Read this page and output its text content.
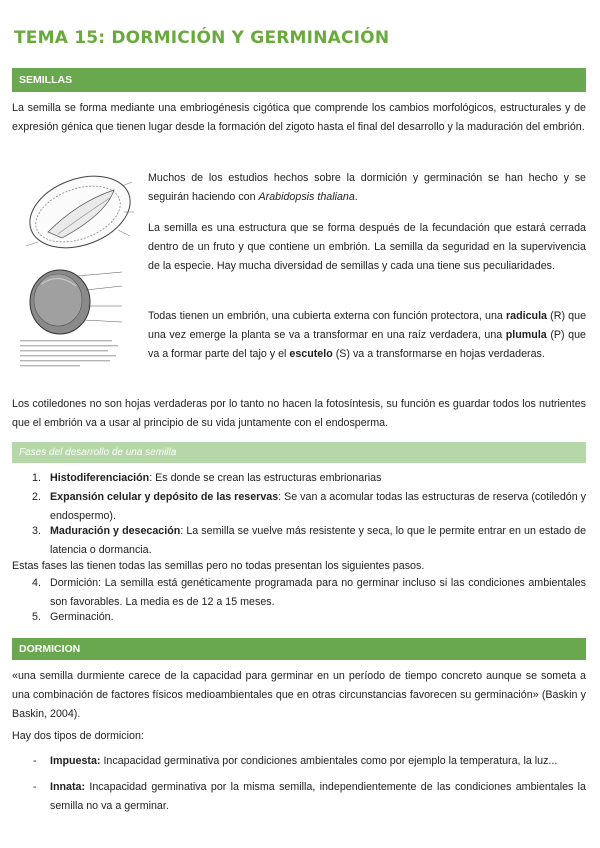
TEMA 15: DORMICIÓN Y GERMINACIÓN
SEMILLAS

La semilla se forma mediante una embriogénesis cigótica que comprende los cambios morfológicos, estructurales y de expresión génica que tienen lugar desde la formación del zigoto hasta el final del desarrollo y la maduración del embrión.

Muchos de los estudios hechos sobre la dormición y germinación se han hecho y se seguirán haciendo con Arabidopsis thaliana.

La semilla es una estructura que se forma después de la fecundación que estará cerrada dentro de un fruto y que contiene un embrión. La semilla da seguridad en la supervivencia de la especie. Hay mucha diversidad de semillas y cada una tiene sus peculiaridades.

Todas tienen un embrión, una cubierta externa con función protectora, una radicula (R) que una vez emerge la planta se va a transformar en una raíz verdadera, una plumula (P) que va a formar parte del tajo y el escutelo (S) va a transformarse en hojas verdaderas.

Los cotiledones no son hojas verdaderas por lo tanto no hacen la fotosíntesis, su función es guardar todos los nutrientes que el embrión va a usar al principio de su vida juntamente con el endosperma.

Fases del desarrollo de una semilla
1. Histodiferenciación: Es donde se crean las estructuras embrionarias

2. Expansión celular y depósito de las reservas: Se van a acomular todas las estructuras de reserva (cotiledón y endospermo).

3. Maduración y desecación: La semilla se vuelve más resistente y seca, lo que le permite entrar en un estado de latencia o dormancia.

Estas fases las tienen todas las semillas pero no todas presentan los siguientes pasos.

4. Dormición: La semilla está genéticamente programada para no germinar incluso si las condiciones ambientales son favorables. La media es de 12 a 15 meses.

5. Germinación.

DORMICION

«una semilla durmiente carece de la capacidad para germinar en un período de tiempo concreto aunque se someta a una combinación de factores físicos medioambientales que en otras circunstancias favorecen su germinación» (Baskin y Baskin, 2004).

Hay dos tipos de dormicion:

- Impuesta: Incapacidad germinativa por condiciones ambientales como por ejemplo la temperatura, la luz...

- Innata: Incapacidad germinativa por la misma semilla, independientemente de las condiciones ambientales la semilla no va a germinar.
